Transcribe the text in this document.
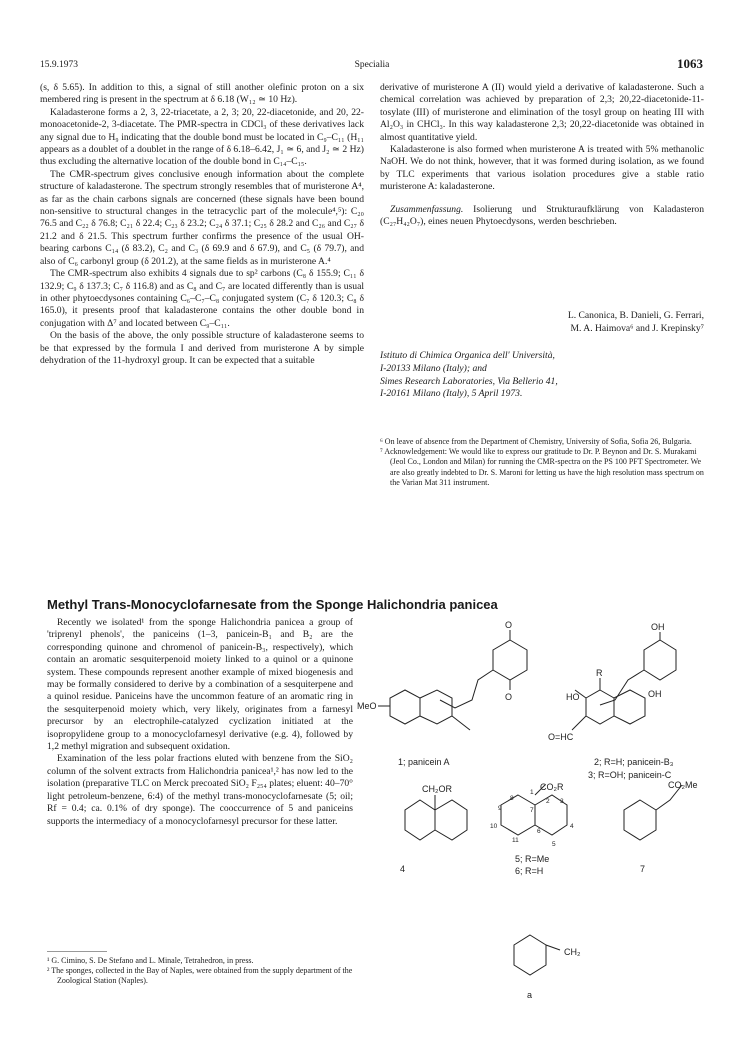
15.9.1973	Specialia	1063

(s, δ 5.65). In addition to this, a signal of still another olefinic proton on a six membered ring is present in the spectrum at δ 6.18 (W₁₂ ≃ 10 Hz).

Kaladasterone forms a 2, 3, 22-triacetate, a 2, 3; 20, 22-diacetonide, and 20, 22-monoacetonide-2, 3-diacetate. The PMR-spectra in CDCl₃ of these derivatives lack any signal due to H₉ indicating that the double bond must be located in C₉–C₁₁ (H₁₁ appears as a doublet of a doublet in the range of δ 6.18–6.42, J₁ ≃ 6, and J₂ ≃ 2 Hz) thus excluding the alternative location of the double bond in C₁₄–C₁₅.

The CMR-spectrum gives conclusive enough information about the complete structure of kaladasterone. The spectrum strongly resembles that of muristerone A⁴, as far as the chain carbons signals are concerned (these signals have been bound non-sensitive to structural changes in the tetracyclic part of the molecule⁴,⁵): C₂₀ 76.5 and C₂₂ δ 76.8; C₂₁ δ 22.4; C₂₃ δ 23.2; C₂₄ δ 37.1; C₂₅ δ 28.2 and C₂₆ and C₂₇ δ 21.2 and δ 21.5. This spectrum further confirms the presence of the usual OH-bearing carbons C₁₄ (δ 83.2), C₂ and C₃ (δ 69.9 and δ 67.9), and C₅ (δ 79.7), and also of C₆ carbonyl group (δ 201.2), at the same fields as in muristerone A.⁴

The CMR-spectrum also exhibits 4 signals due to sp² carbons (C₈ δ 155.9; C₁₁ δ 132.9; C₉ δ 137.3; C₇ δ 116.8) and as C₈ and C₇ are located differently than is usual in other phytoecdysones containing C₆–C₇–C₈ conjugated system (C₇ δ 120.3; C₈ δ 165.0), it presents proof that kaladasterone contains the other double bond in conjugation with Δ⁷ and located between C₉–C₁₁.

On the basis of the above, the only possible structure of kaladasterone seems to be that expressed by the formula I and derived from muristerone A by simple dehydration of the 11-hydroxyl group. It can be expected that a suitable

derivative of muristerone A (II) would yield a derivative of kaladasterone. Such a chemical correlation was achieved by preparation of 2,3; 20,22-diacetonide-11-tosylate (III) of muristerone and elimination of the tosyl group on heating III with Al₂O₃ in CHCl₃. In this way kaladasterone 2,3; 20,22-diacetonide was obtained in almost quantitative yield.

Kaladasterone is also formed when muristerone A is treated with 5% methanolic NaOH. We do not think, however, that it was formed during isolation, as we found by TLC experiments that various isolation procedures give a stable ratio muristerone A: kaladasterone.

Zusammenfassung. Isolierung und Strukturaufklärung von Kaladasteron (C₂₇H₄₂O₇), eines neuen Phytoecdysons, werden beschrieben.

L. Canonica, B. Danieli, G. Ferrari,
M. A. Haimova⁶ and J. Krepinsky⁷
Istituto di Chimica Organica dell' Università,
I-20133 Milano (Italy); and
Simes Research Laboratories, Via Bellerio 41,
I-20161 Milano (Italy), 5 April 1973.
⁶ On leave of absence from the Department of Chemistry, University of Sofia, Sofia 26, Bulgaria.
⁷ Acknowledgement: We would like to express our gratitude to Dr. P. Beynon and Dr. S. Murakami (Jeol Co., London and Milan) for running the CMR-spectra on the PS 100 PFT Spectrometer. We are also greatly indebted to Dr. S. Maroni for letting us have the high resolution mass spectrum on the Varian Mat 311 instrument.
Methyl Trans-Monocyclofarnesate from the Sponge Halichondria panicea

Recently we isolated¹ from the sponge Halichondria panicea a group of 'triprenyl phenols', the paniceins (1–3, panicein-B₁ and B₂ are the corresponding quinone and chromenol of panicein-B₃, respectively), which contain an aromatic sesquiterpenoid moiety linked to a quinol or a quinone system. These compounds represent another example of mixed biogenesis and may be formally considered to derive by a combination of a sesquiterpene and a quinol residue. Paniceins have the uncommon feature of an aromatic ring in the sesquiterpenoid moiety which, very likely, originates from a farnesyl precursor by an electrophile-catalyzed cyclization initiated at the isopropylidene group to a monocyclofarnesyl derivative (e.g. 4), followed by 1,2 methyl migration and subsequent oxidation.

Examination of the less polar fractions eluted with benzene from the SiO₂ column of the solvent extracts from Halichondria panicea¹,² has now led to the isolation (preparative TLC on Merck precoated SiO₂ F₂₅₄ plates; eluent: 40–70° light petroleum-benzene, 6:4) of the methyl trans-monocyclofarnesate (5; oil; Rf = 0.4; ca. 0.1% of dry sponge). The cooccurrence of 5 and paniceins supports the intermediacy of a monocyclofarnesyl precursor for these latter.

¹ G. Cimino, S. De Stefano and L. Minale, Tetrahedron, in press.
² The sponges, collected in the Bay of Naples, were obtained from the supply department of the Zoological Station (Naples).
O
O
MeO
OH
OH
HO
R
O=HC
1; panicein A	2; R=H; panicein-B₃
3; R=OH; panicein-C
CH₂OR	CO₂R	CO₂Me
4
5; R=Me
6; R=H	7
CH₂
a
1
2 3
4
5
6
7
8
9
10
11
